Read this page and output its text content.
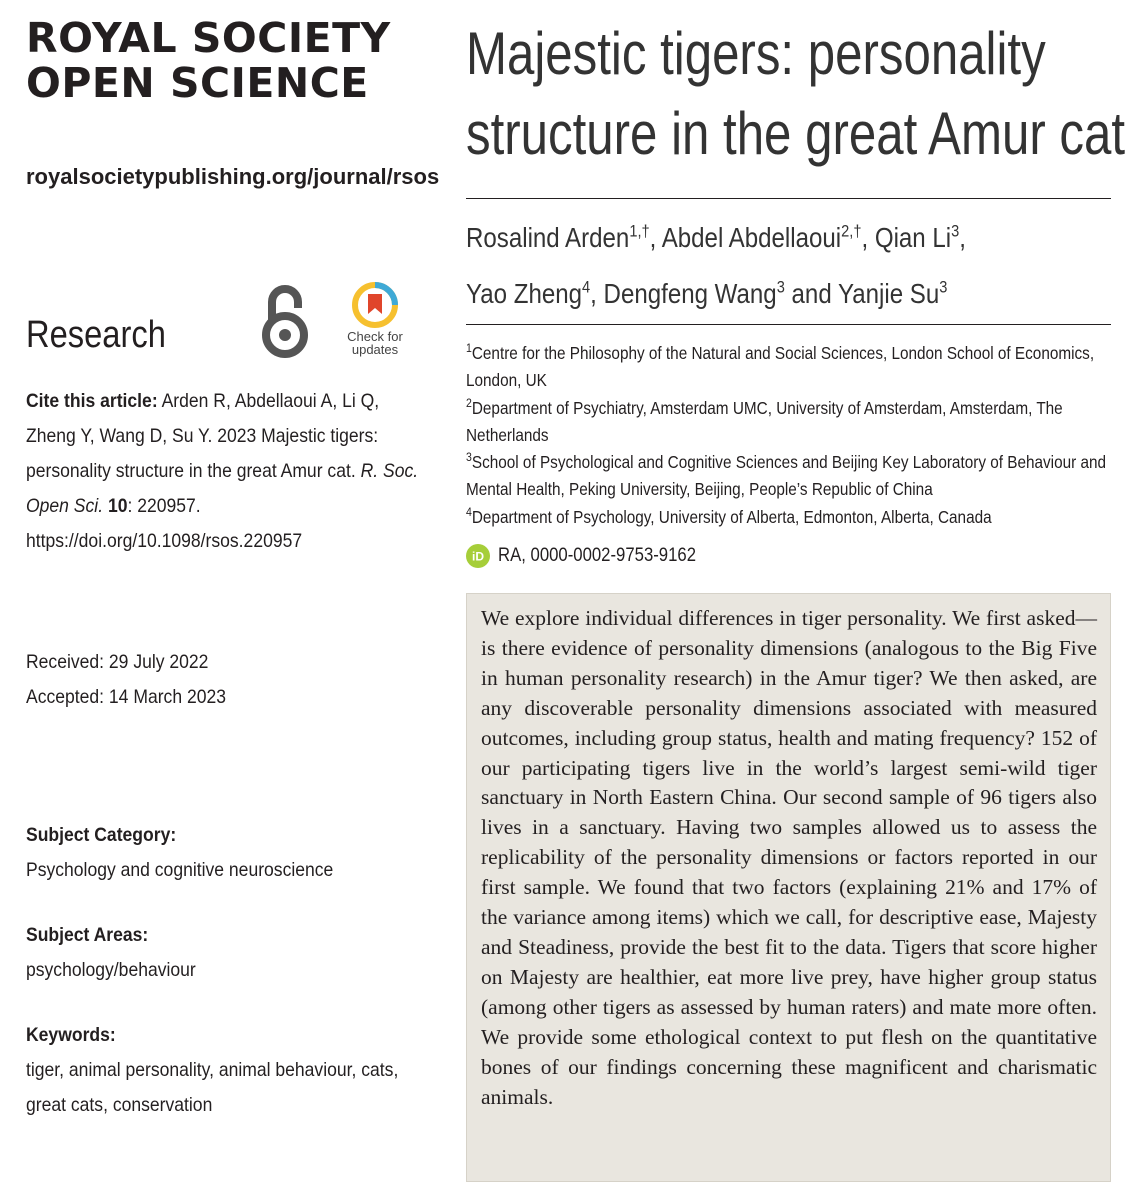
ROYAL SOCIETY
OPEN SCIENCE
royalsocietypublishing.org/journal/rsos
Research	Check for
updates
Cite this article: Arden R, Abdellaoui A, Li Q, Zheng Y, Wang D, Su Y. 2023 Majestic tigers: personality structure in the great Amur cat. R. Soc. Open Sci. 10: 220957.
https://doi.org/10.1098/rsos.220957
Received: 29 July 2022
Accepted: 14 March 2023
Subject Category:
Psychology and cognitive neuroscience
Subject Areas:
psychology/behaviour
Keywords:
tiger, animal personality, animal behaviour, cats,
great cats, conservation
Majestic tigers: personality
structure in the great Amur cat
Rosalind Arden$^{1,\dagger}$, Abdel Abdellaoui$^{2,\dagger}$, Qian Li$^3$,
Yao Zheng$^4$, Dengfeng Wang$^3$ and Yanjie Su$^3$
$^1$Centre for the Philosophy of the Natural and Social Sciences, London School of Economics,
London, UK
$^2$Department of Psychiatry, Amsterdam UMC, University of Amsterdam, Amsterdam, The
Netherlands
$^3$School of Psychological and Cognitive Sciences and Beijing Key Laboratory of Behaviour and
Mental Health, Peking University, Beijing, People’s Republic of China
$^4$Department of Psychology, University of Alberta, Edmonton, Alberta, Canada
iD RA, 0000-0002-9753-9162
We explore individual differences in tiger personality. We first asked—is there evidence of personality dimensions (analogous to the Big Five in human personality research) in the Amur tiger? We then asked, are any discoverable personality dimensions associated with measured outcomes, including group status, health and mating frequency? 152 of our participating tigers live in the world’s largest semi-wild tiger sanctuary in North Eastern China. Our second sample of 96 tigers also lives in a sanctuary. Having two samples allowed us to assess the replicability of the personality dimensions or factors reported in our first sample. We found that two factors (explaining 21% and 17% of the variance among items) which we call, for descriptive ease, Majesty and Steadiness, provide the best fit to the data. Tigers that score higher on Majesty are healthier, eat more live prey, have higher group status (among other tigers as assessed by human raters) and mate more often. We provide some ethological context to put flesh on the quantitative bones of our findings concerning these magnificent and charismatic animals.
